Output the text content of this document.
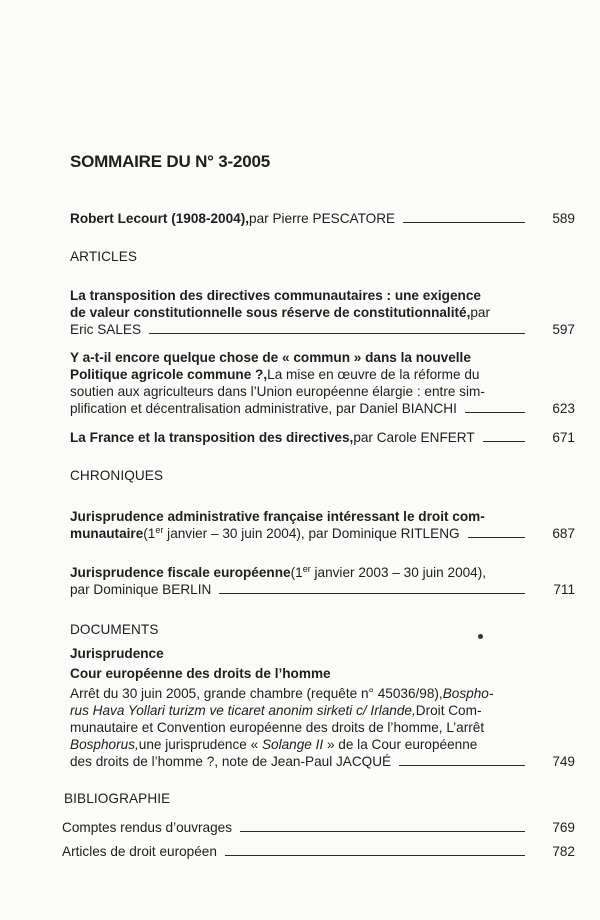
SOMMAIRE DU N° 3-2005
Robert Lecourt (1908-2004), par Pierre PESCATORE	589
ARTICLES
La transposition des directives communautaires : une exigence
de valeur constitutionnelle sous réserve de constitutionnalité, par
Eric SALES	597
Y a-t-il encore quelque chose de « commun » dans la nouvelle
Politique agricole commune ?, La mise en œuvre de la réforme du
soutien aux agriculteurs dans l’Union européenne élargie : entre sim-
plification et décentralisation administrative, par Daniel BIANCHI	623
La France et la transposition des directives, par Carole ENFERT	671
CHRONIQUES
Jurisprudence administrative française intéressant le droit com-
munautaire (1er janvier – 30 juin 2004), par Dominique RITLENG	687
Jurisprudence fiscale européenne (1er janvier 2003 – 30 juin 2004),
par Dominique BERLIN	711
DOCUMENTS
Jurisprudence
Cour européenne des droits de l’homme
Arrêt du 30 juin 2005, grande chambre (requête n° 45036/98), Bospho-
rus Hava Yollari turizm ve ticaret anonim sirketi c/ Irlande, Droit Com-
munautaire et Convention européenne des droits de l’homme, L’arrêt
Bosphorus, une jurisprudence « Solange II » de la Cour européenne
des droits de l’homme ?, note de Jean-Paul JACQUÉ	749
BIBLIOGRAPHIE
Comptes rendus d’ouvrages	769
Articles de droit européen	782
